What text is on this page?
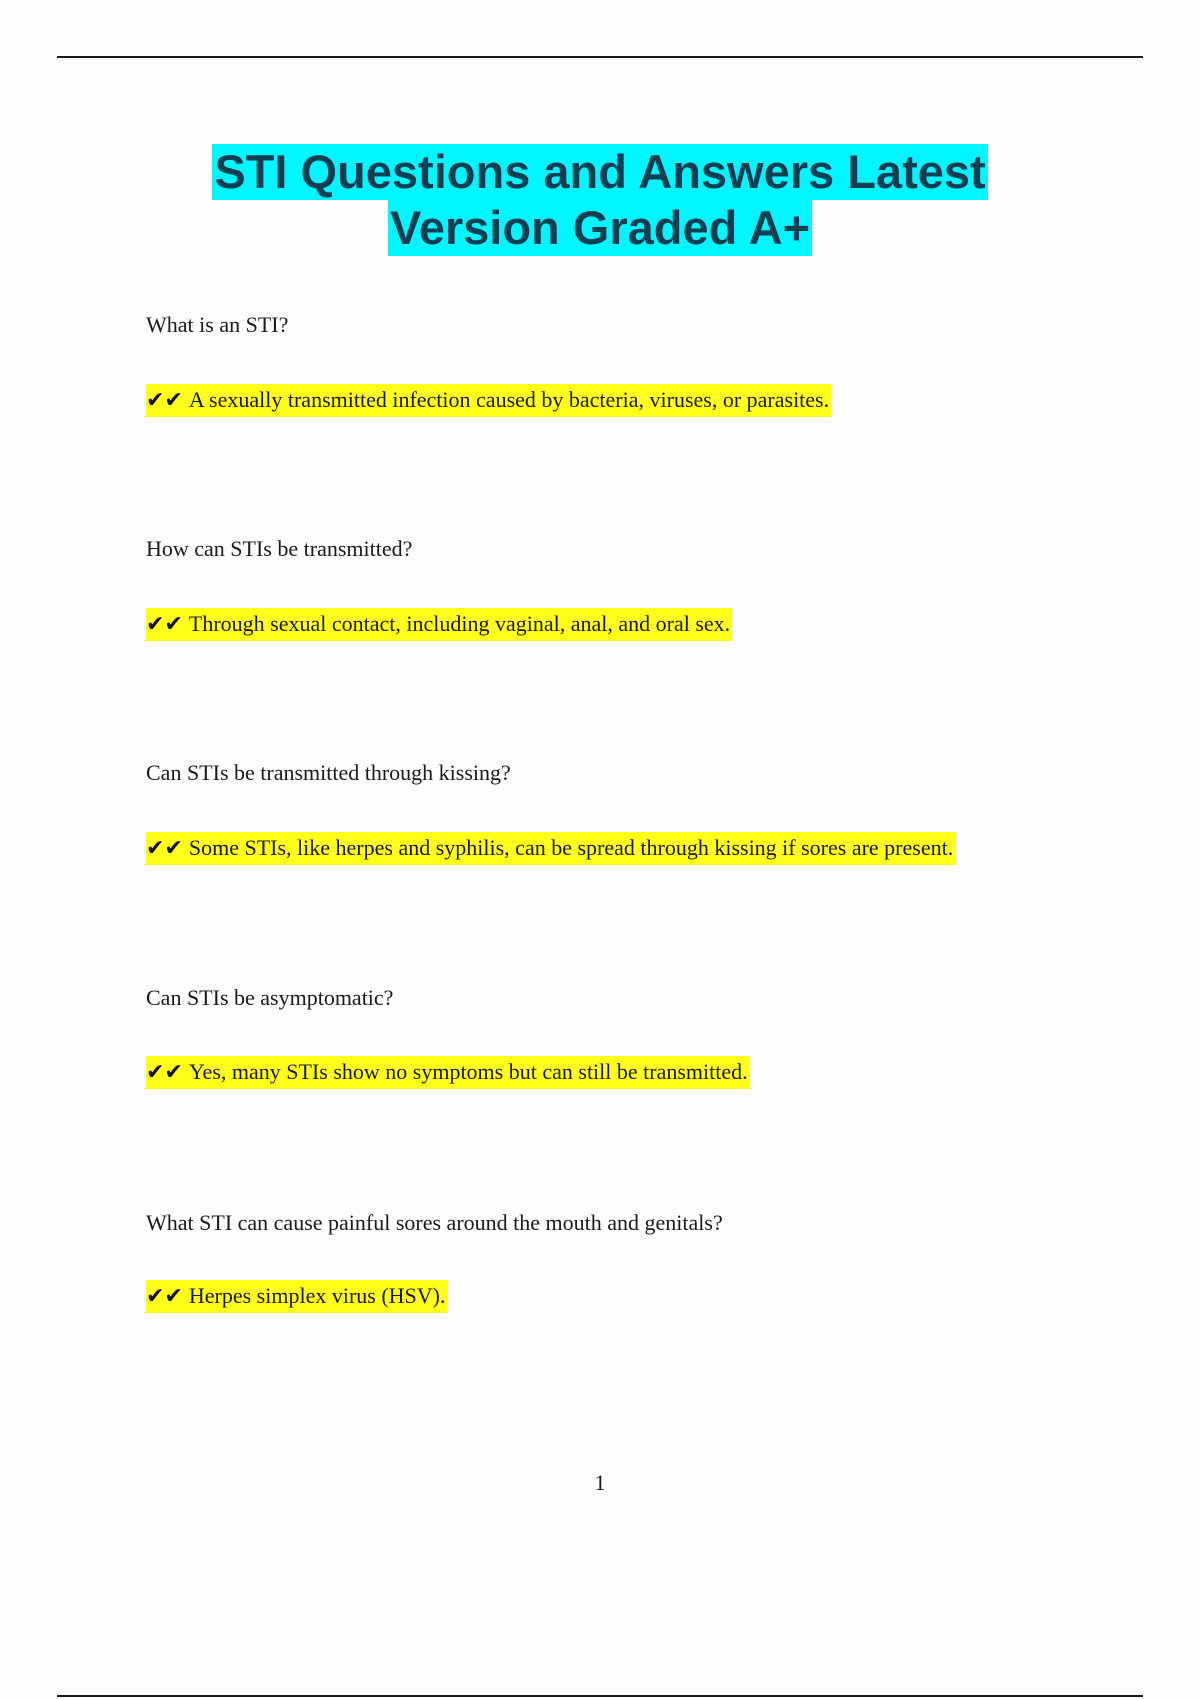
STI Questions and Answers Latest
Version Graded A+
What is an STI?
✔✔ A sexually transmitted infection caused by bacteria, viruses, or parasites.
How can STIs be transmitted?
✔✔ Through sexual contact, including vaginal, anal, and oral sex.
Can STIs be transmitted through kissing?
✔✔ Some STIs, like herpes and syphilis, can be spread through kissing if sores are present.
Can STIs be asymptomatic?
✔✔ Yes, many STIs show no symptoms but can still be transmitted.
What STI can cause painful sores around the mouth and genitals?
✔✔ Herpes simplex virus (HSV).
1
